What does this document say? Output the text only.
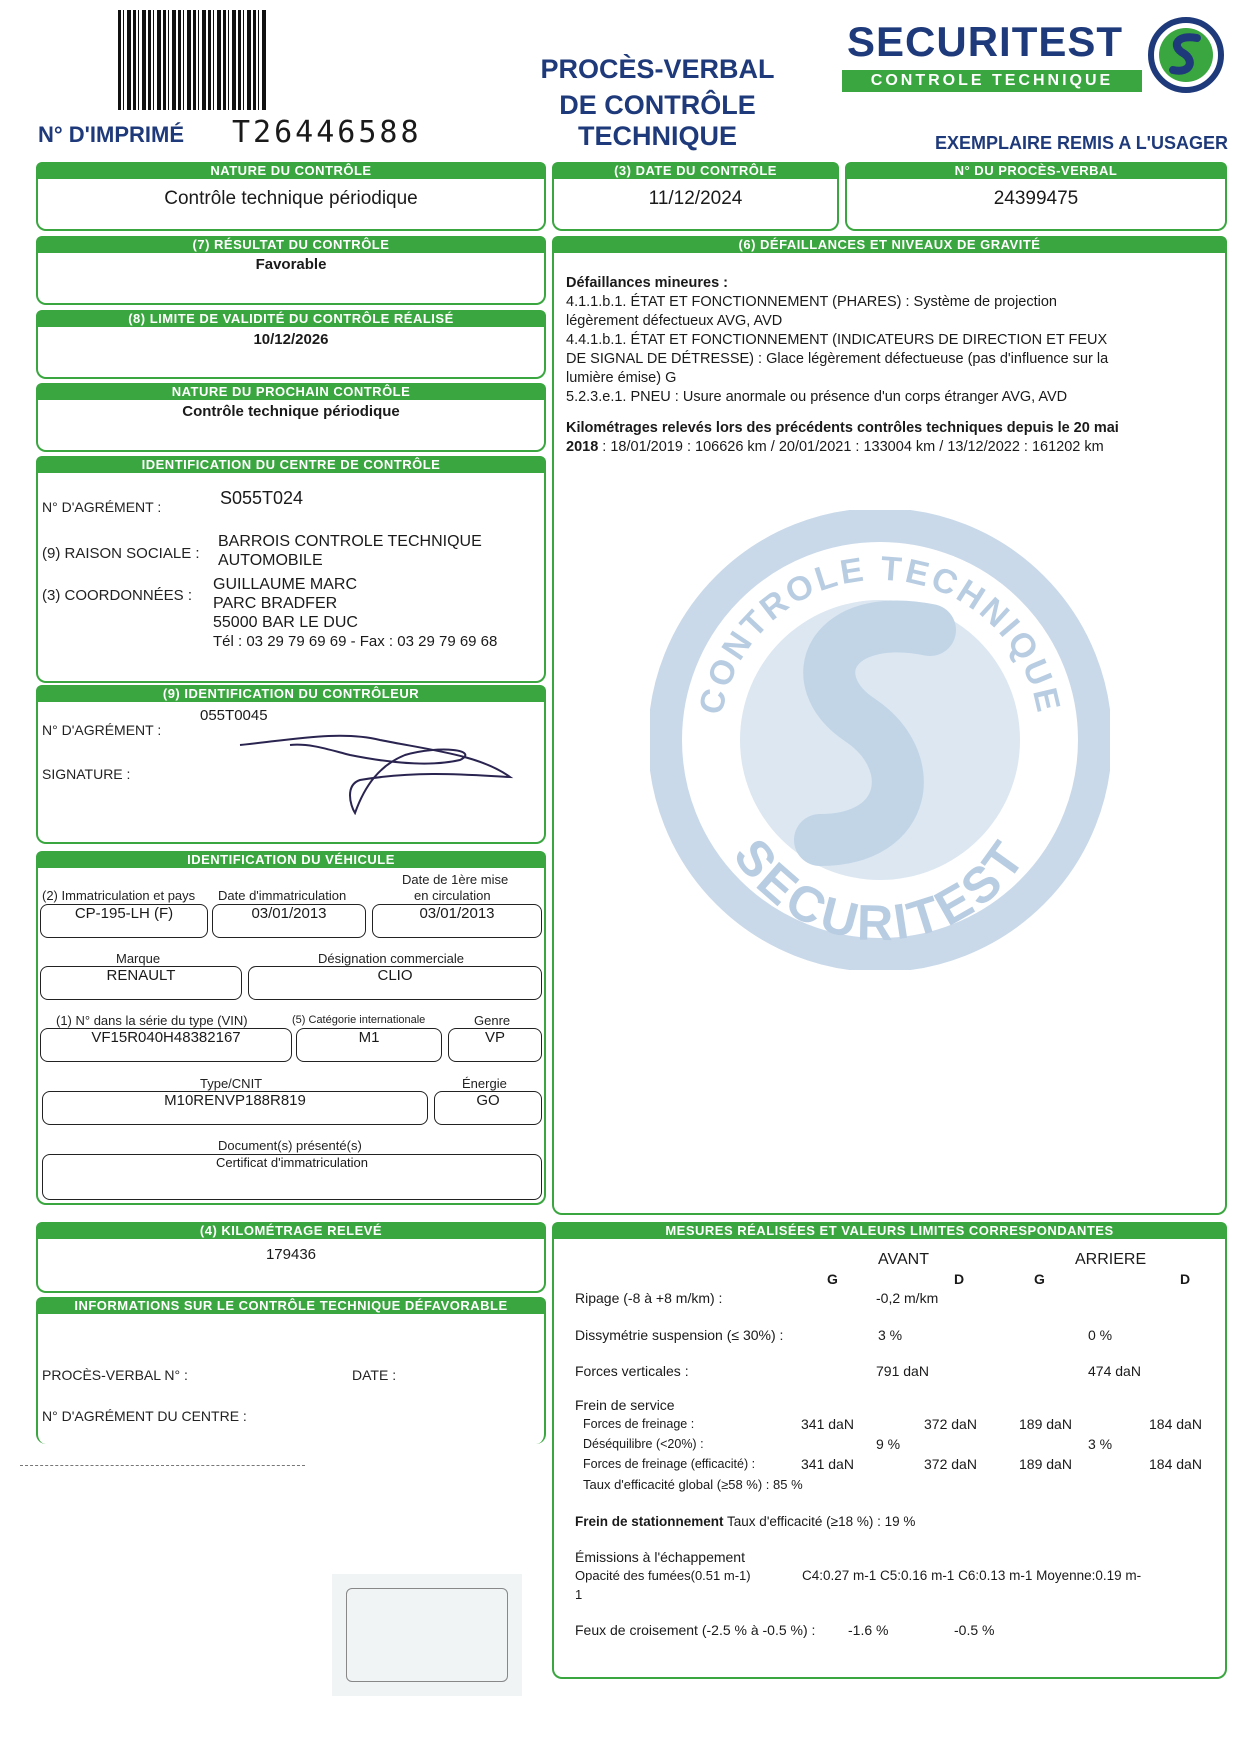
N° D'IMPRIMÉ T26446588
PROCÈS-VERBAL
DE CONTRÔLE TECHNIQUE
SECURITEST
CONTROLE TECHNIQUE
EXEMPLAIRE REMIS A L'USAGER
NATURE DU CONTRÔLE
Contrôle technique périodique
(3) DATE DU CONTRÔLE
11/12/2024
N° DU PROCÈS-VERBAL
24399475
(7) RÉSULTAT DU CONTRÔLE
Favorable
(8) LIMITE DE VALIDITÉ DU CONTRÔLE RÉALISÉ
10/12/2026
NATURE DU PROCHAIN CONTRÔLE
Contrôle technique périodique
IDENTIFICATION DU CENTRE DE CONTRÔLE
N° D'AGRÉMENT :	S055T024
(9) RAISON SOCIALE :
BARROIS CONTROLE TECHNIQUE
AUTOMOBILE
(3) COORDONNÉES :
GUILLAUME MARC
PARC BRADFER
55000 BAR LE DUC
Tél : 03 29 79 69 69 - Fax : 03 29 79 69 68
(9) IDENTIFICATION DU CONTRÔLEUR
N° D'AGRÉMENT :
055T0045
SIGNATURE :
IDENTIFICATION DU VÉHICULE
(2) Immatriculation et pays
CP-195-LH (F)
Date d'immatriculation
03/01/2013
Date de 1ère mise
en circulation
03/01/2013
Marque
RENAULT
Désignation commerciale
CLIO
(1) N° dans la série du type (VIN)
VF15R040H48382167
(5) Catégorie internationale
M1
Genre
VP
Type/CNIT
M10RENVP188R819
Énergie
GO
Document(s) présenté(s)
Certificat d'immatriculation
(4) KILOMÉTRAGE RELEVÉ
179436
INFORMATIONS SUR LE CONTRÔLE TECHNIQUE DÉFAVORABLE
PROCÈS-VERBAL N° :	DATE :
N° D'AGRÉMENT DU CENTRE :
(6) DÉFAILLANCES ET NIVEAUX DE GRAVITÉ
CONTROLE TECHNIQUE
SECURITEST
Défaillances mineures :
4.1.1.b.1. ÉTAT ET FONCTIONNEMENT (PHARES) : Système de projection
légèrement défectueux AVG, AVD
4.4.1.b.1. ÉTAT ET FONCTIONNEMENT (INDICATEURS DE DIRECTION ET FEUX
DE SIGNAL DE DÉTRESSE) : Glace légèrement défectueuse (pas d'influence sur la
lumière émise) G
5.2.3.e.1. PNEU : Usure anormale ou présence d'un corps étranger AVG, AVD
Kilométrages relevés lors des précédents contrôles techniques depuis le 20 mai
2018 : 18/01/2019 : 106626 km / 20/01/2021 : 133004 km / 13/12/2022 : 161202 km
MESURES RÉALISÉES ET VALEURS LIMITES CORRESPONDANTES
AVANT	ARRIERE
G	D	G	D
Ripage (-8 à +8 m/km) :	-0,2 m/km
Dissymétrie suspension (≤ 30%) :	3 %	0 %
Forces verticales :	791 daN	474 daN
Frein de service
Forces de freinage :	341 daN	372 daN	189 daN	184 daN
Déséquilibre (<20%) :	9 %	3 %
Forces de freinage (efficacité) :	341 daN	372 daN	189 daN	184 daN
Taux d'efficacité global (≥58 %) : 85 %
Frein de stationnement Taux d'efficacité (≥18 %) : 19 %
Émissions à l'échappement
Opacité des fumées(0.51 m-1)	C4:0.27 m-1 C5:0.16 m-1 C6:0.13 m-1 Moyenne:0.19 m-
1
Feux de croisement (-2.5 % à -0.5 %) : -1.6 %	-0.5 %
